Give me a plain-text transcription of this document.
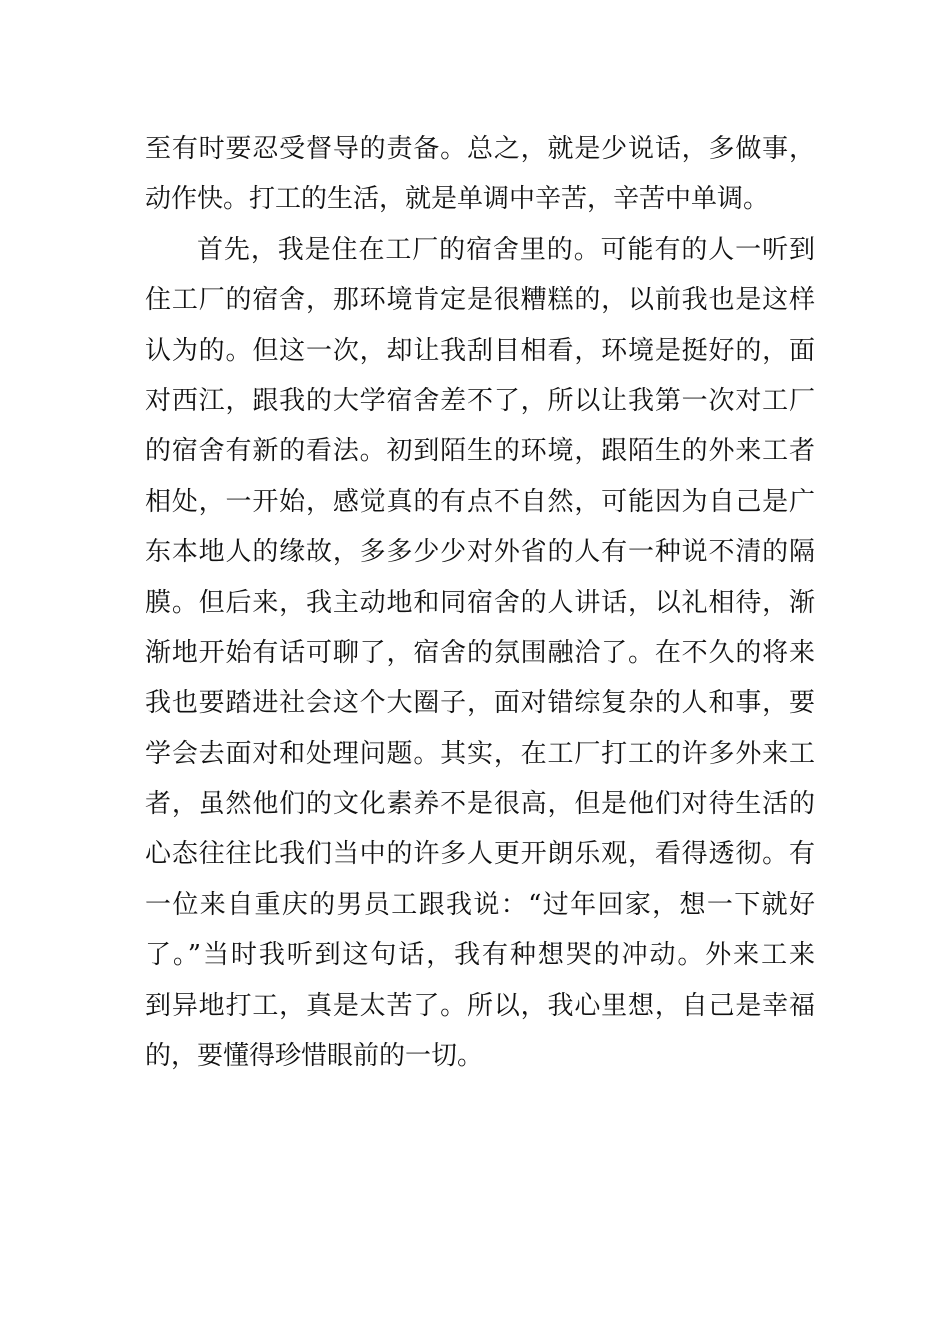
至有时要忍受督导的责备。总之，就是少说话，多做事，
动作快。打工的生活，就是单调中辛苦，辛苦中单调。
首先，我是住在工厂的宿舍里的。可能有的人一听到
住工厂的宿舍，那环境肯定是很糟糕的，以前我也是这样
认为的。但这一次，却让我刮目相看，环境是挺好的，面
对西江，跟我的大学宿舍差不了，所以让我第一次对工厂
的宿舍有新的看法。初到陌生的环境，跟陌生的外来工者
相处，一开始，感觉真的有点不自然，可能因为自己是广
东本地人的缘故，多多少少对外省的人有一种说不清的隔
膜。但后来，我主动地和同宿舍的人讲话，以礼相待，渐
渐地开始有话可聊了，宿舍的氛围融洽了。在不久的将来
我也要踏进社会这个大圈子，面对错综复杂的人和事，要
学会去面对和处理问题。其实，在工厂打工的许多外来工
者，虽然他们的文化素养不是很高，但是他们对待生活的
心态往往比我们当中的许多人更开朗乐观，看得透彻。有
一位来自重庆的男员工跟我说：“过年回家，想一下就好
了。”当时我听到这句话，我有种想哭的冲动。外来工来
到异地打工，真是太苦了。所以，我心里想，自己是幸福
的，要懂得珍惜眼前的一切。
